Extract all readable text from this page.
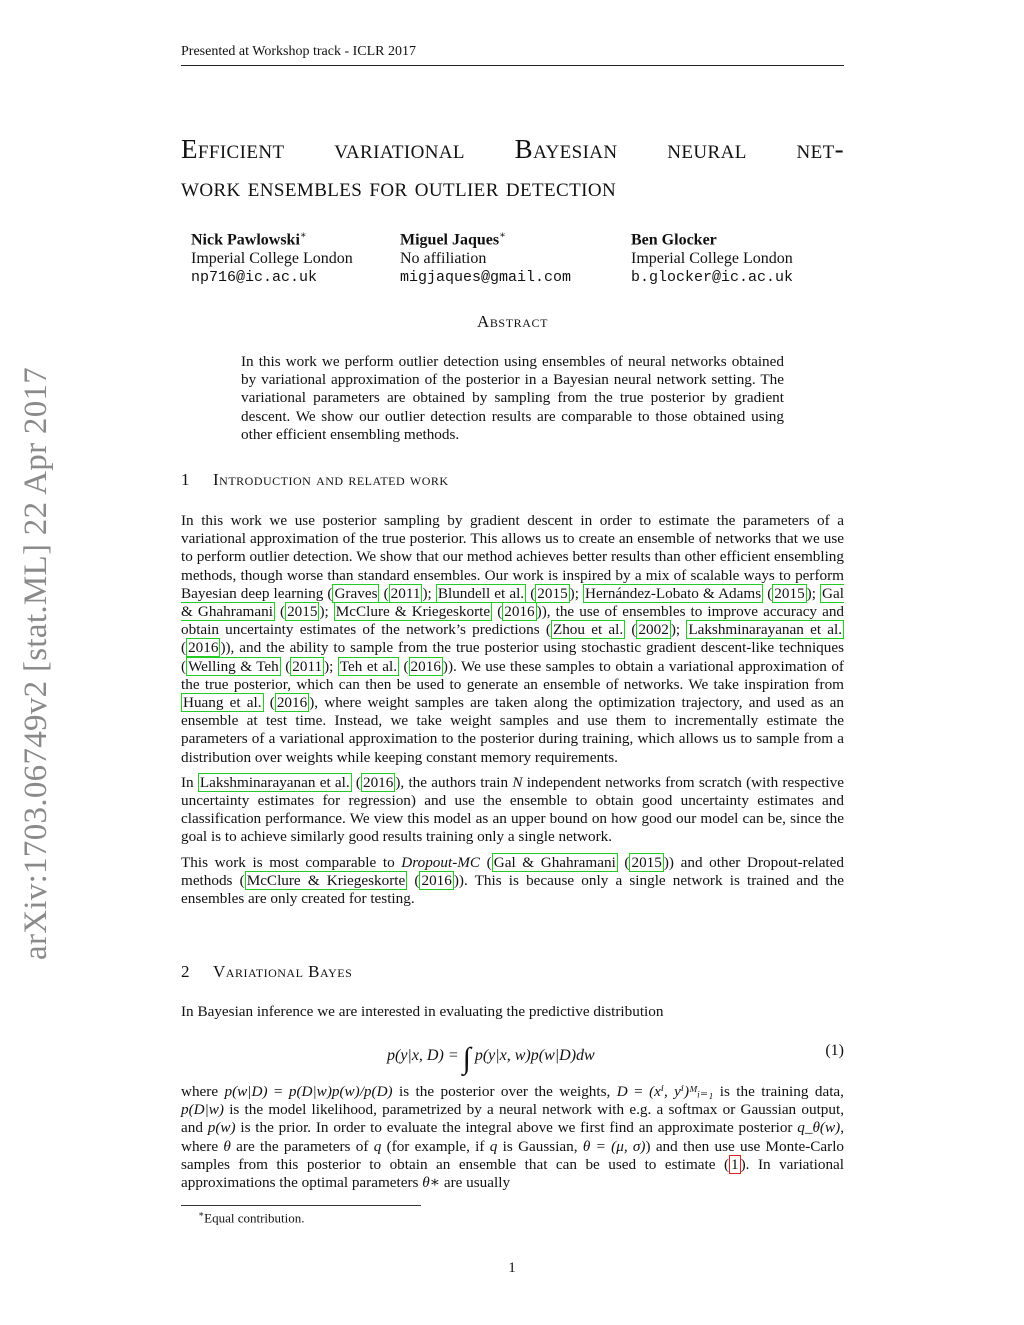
Presented at Workshop track - ICLR 2017
arXiv:1703.06749v2 [stat.ML] 22 Apr 2017
Efficient variational Bayesian neural net-
work ensembles for outlier detection
Nick Pawlowski∗
Imperial College London
np716@ic.ac.uk
Miguel Jaques∗
No affiliation
migjaques@gmail.com
Ben Glocker
Imperial College London
b.glocker@ic.ac.uk
Abstract
In this work we perform outlier detection using ensembles of neural networks obtained by variational approximation of the posterior in a Bayesian neural network setting. The variational parameters are obtained by sampling from the true posterior by gradient descent. We show our outlier detection results are comparable to those obtained using other efficient ensembling methods.
1 Introduction and related work

In this work we use posterior sampling by gradient descent in order to estimate the parameters of a variational approximation of the true posterior. This allows us to create an ensemble of networks that we use to perform outlier detection. We show that our method achieves better results than other efficient ensembling methods, though worse than standard ensembles. Our work is inspired by a mix of scalable ways to perform Bayesian deep learning ( Graves ( 2011 ); Blundell et al. ( 2015 ); Hernández-Lobato & Adams ( 2015 ); Gal & Ghahramani ( 2015 ); McClure & Kriegeskorte ( 2016 )), the use of ensembles to improve accuracy and obtain uncertainty estimates of the network’s predictions ( Zhou et al. ( 2002 ); Lakshminarayanan et al. ( 2016 )), and the ability to sample from the true posterior using stochastic gradient descent-like techniques ( Welling & Teh ( 2011 ); Teh et al. ( 2016 )). We use these samples to obtain a variational approximation of the true posterior, which can then be used to generate an ensemble of networks. We take inspiration from Huang et al. ( 2016 ), where weight samples are taken along the optimization trajectory, and used as an ensemble at test time. Instead, we take weight samples and use them to incrementally estimate the parameters of a variational approximation to the posterior during training, which allows us to sample from a distribution over weights while keeping constant memory requirements.

In Lakshminarayanan et al. ( 2016 ), the authors train N independent networks from scratch (with respective uncertainty estimates for regression) and use the ensemble to obtain good uncertainty estimates and classification performance. We view this model as an upper bound on how good our model can be, since the goal is to achieve similarly good results training only a single network.

This work is most comparable to Dropout-MC ( Gal & Ghahramani ( 2015 )) and other Dropout-related methods ( McClure & Kriegeskorte ( 2016 )). This is because only a single network is trained and the ensembles are only created for testing.

2 Variational Bayes
In Bayesian inference we are interested in evaluating the predictive distribution
p(y|x, D) = ∫ p(y|x, w)p(w|D)dw	(1)
where p(w|D) = p(D|w)p(w)/p(D) is the posterior over the weights, D = (xⁱ, yⁱ)ᴹᵢ₌₁ is the training data, p(D|w) is the model likelihood, parametrized by a neural network with e.g. a softmax or Gaussian output, and p(w) is the prior. In order to evaluate the integral above we first find an approximate posterior q_θ(w), where θ are the parameters of q (for example, if q is Gaussian, θ = (μ, σ)) and then use use Monte-Carlo samples from this posterior to obtain an ensemble that can be used to estimate ( 1 ). In variational approximations the optimal parameters θ∗ are usually
∗Equal contribution.
1
